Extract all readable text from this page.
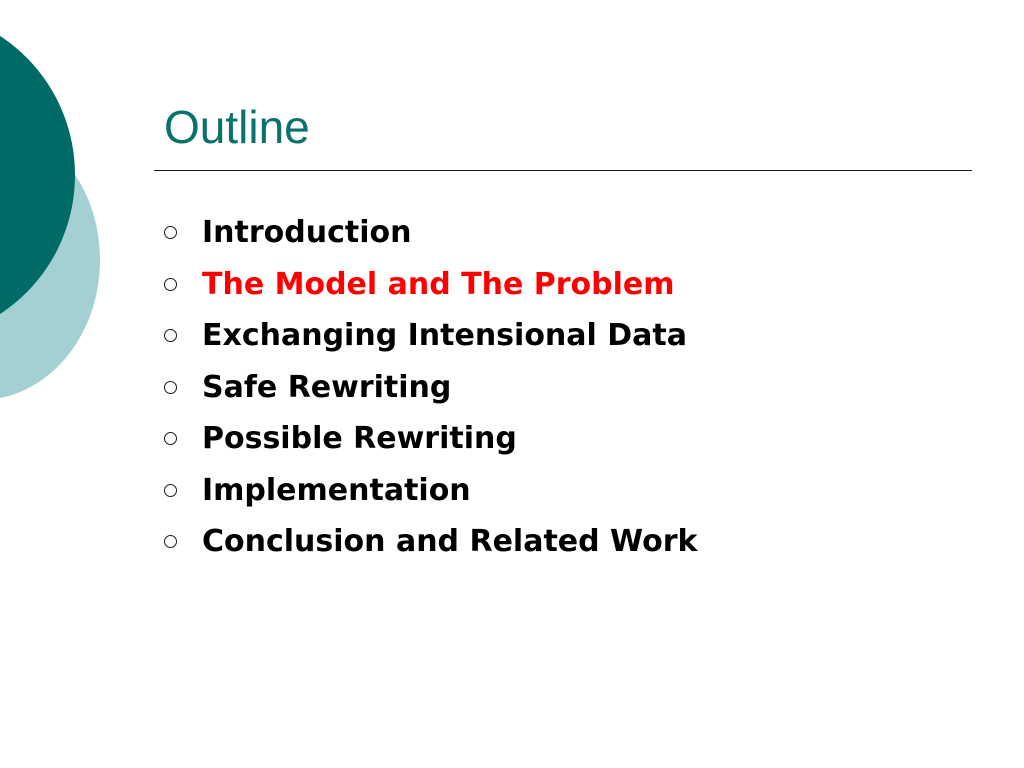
Outline
Introduction
The Model and The Problem
Exchanging Intensional Data
Safe Rewriting
Possible Rewriting
Implementation
Conclusion and Related Work
